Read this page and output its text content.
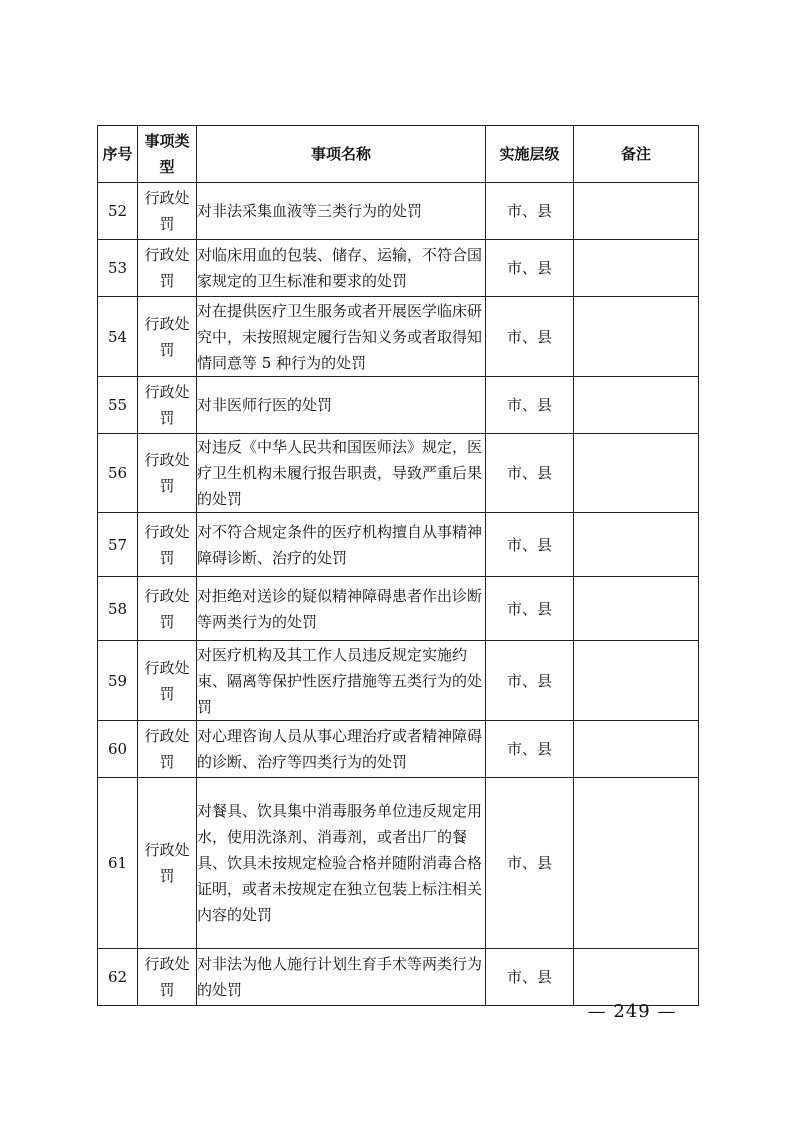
序号	事项类型	事项名称	实施层级	备注
52	行政处罚	对非法采集血液等三类行为的处罚	市、县	
53	行政处罚	对临床用血的包装、储存、运输，不符合国家规定的卫生标准和要求的处罚	市、县	
54	行政处罚	对在提供医疗卫生服务或者开展医学临床研究中，未按照规定履行告知义务或者取得知情同意等 5 种行为的处罚	市、县	
55	行政处罚	对非医师行医的处罚	市、县	
56	行政处罚	对违反《中华人民共和国医师法》规定，医疗卫生机构未履行报告职责，导致严重后果的处罚	市、县	
57	行政处罚	对不符合规定条件的医疗机构擅自从事精神障碍诊断、治疗的处罚	市、县	
58	行政处罚	对拒绝对送诊的疑似精神障碍患者作出诊断等两类行为的处罚	市、县	
59	行政处罚	对医疗机构及其工作人员违反规定实施约束、隔离等保护性医疗措施等五类行为的处罚	市、县	
60	行政处罚	对心理咨询人员从事心理治疗或者精神障碍的诊断、治疗等四类行为的处罚	市、县	
61	行政处罚	对餐具、饮具集中消毒服务单位违反规定用水，使用洗涤剂、消毒剂，或者出厂的餐具、饮具未按规定检验合格并随附消毒合格证明，或者未按规定在独立包装上标注相关内容的处罚	市、县	
62	行政处罚	对非法为他人施行计划生育手术等两类行为的处罚	市、县	
— 249 —
